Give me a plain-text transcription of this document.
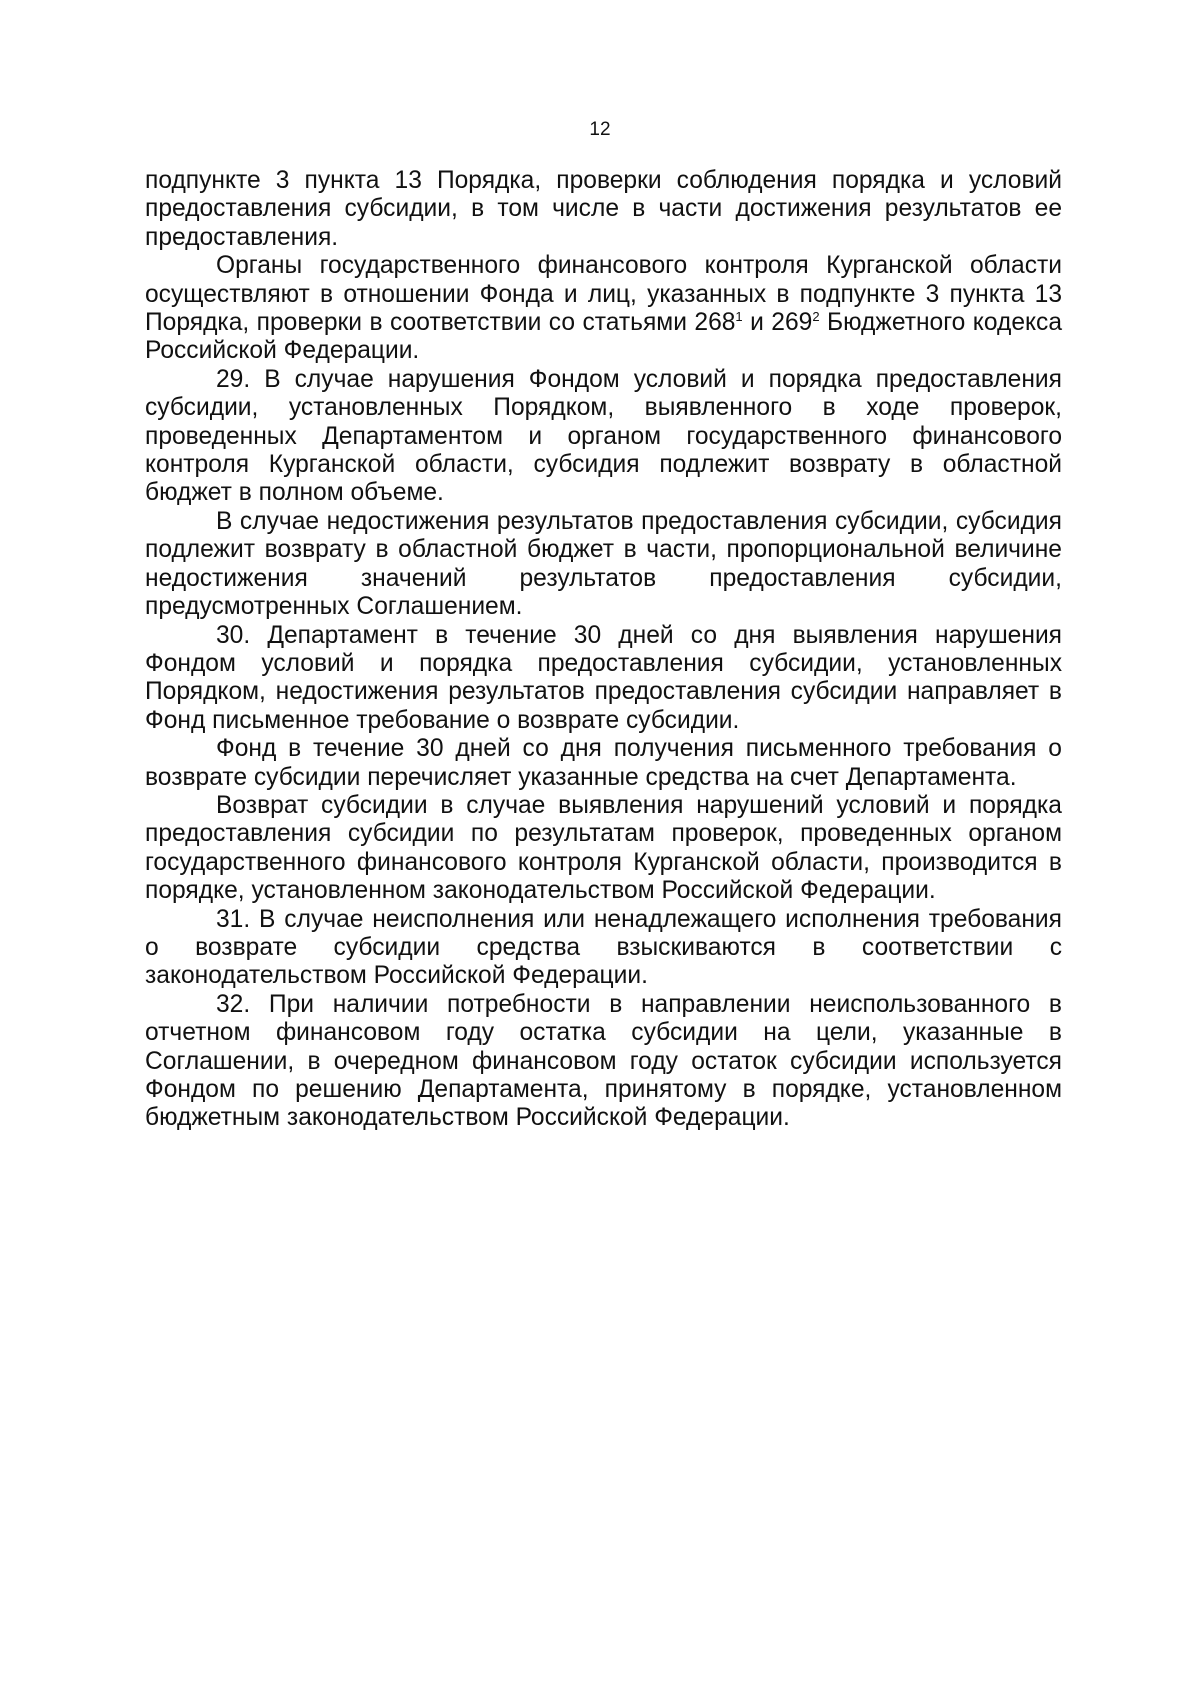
12

подпункте 3 пункта 13 Порядка, проверки соблюдения порядка и условий предоставления субсидии, в том числе в части достижения результатов ее предоставления.

Органы государственного финансового контроля Курганской области осуществляют в отношении Фонда и лиц, указанных в подпункте 3 пункта 13 Порядка, проверки в соответствии со статьями $268^1$ и $269^2$ Бюджетного кодекса Российской Федерации.

29. В случае нарушения Фондом условий и порядка предоставления субсидии, установленных Порядком, выявленного в ходе проверок, проведенных Департаментом и органом государственного финансового контроля Курганской области, субсидия подлежит возврату в областной бюджет в полном объеме.

В случае недостижения результатов предоставления субсидии, субсидия подлежит возврату в областной бюджет в части, пропорциональной величине недостижения значений результатов предоставления субсидии, предусмотренных Соглашением.

30. Департамент в течение 30 дней со дня выявления нарушения Фондом условий и порядка предоставления субсидии, установленных Порядком, недостижения результатов предоставления субсидии направляет в Фонд письменное требование о возврате субсидии.

Фонд в течение 30 дней со дня получения письменного требования о возврате субсидии перечисляет указанные средства на счет Департамента.

Возврат субсидии в случае выявления нарушений условий и порядка предоставления субсидии по результатам проверок, проведенных органом государственного финансового контроля Курганской области, производится в порядке, установленном законодательством Российской Федерации.

31. В случае неисполнения или ненадлежащего исполнения требования о возврате субсидии средства взыскиваются в соответствии с законодательством Российской Федерации.

32. При наличии потребности в направлении неиспользованного в отчетном финансовом году остатка субсидии на цели, указанные в Соглашении, в очередном финансовом году остаток субсидии используется Фондом по решению Департамента, принятому в порядке, установленном бюджетным законодательством Российской Федерации.
